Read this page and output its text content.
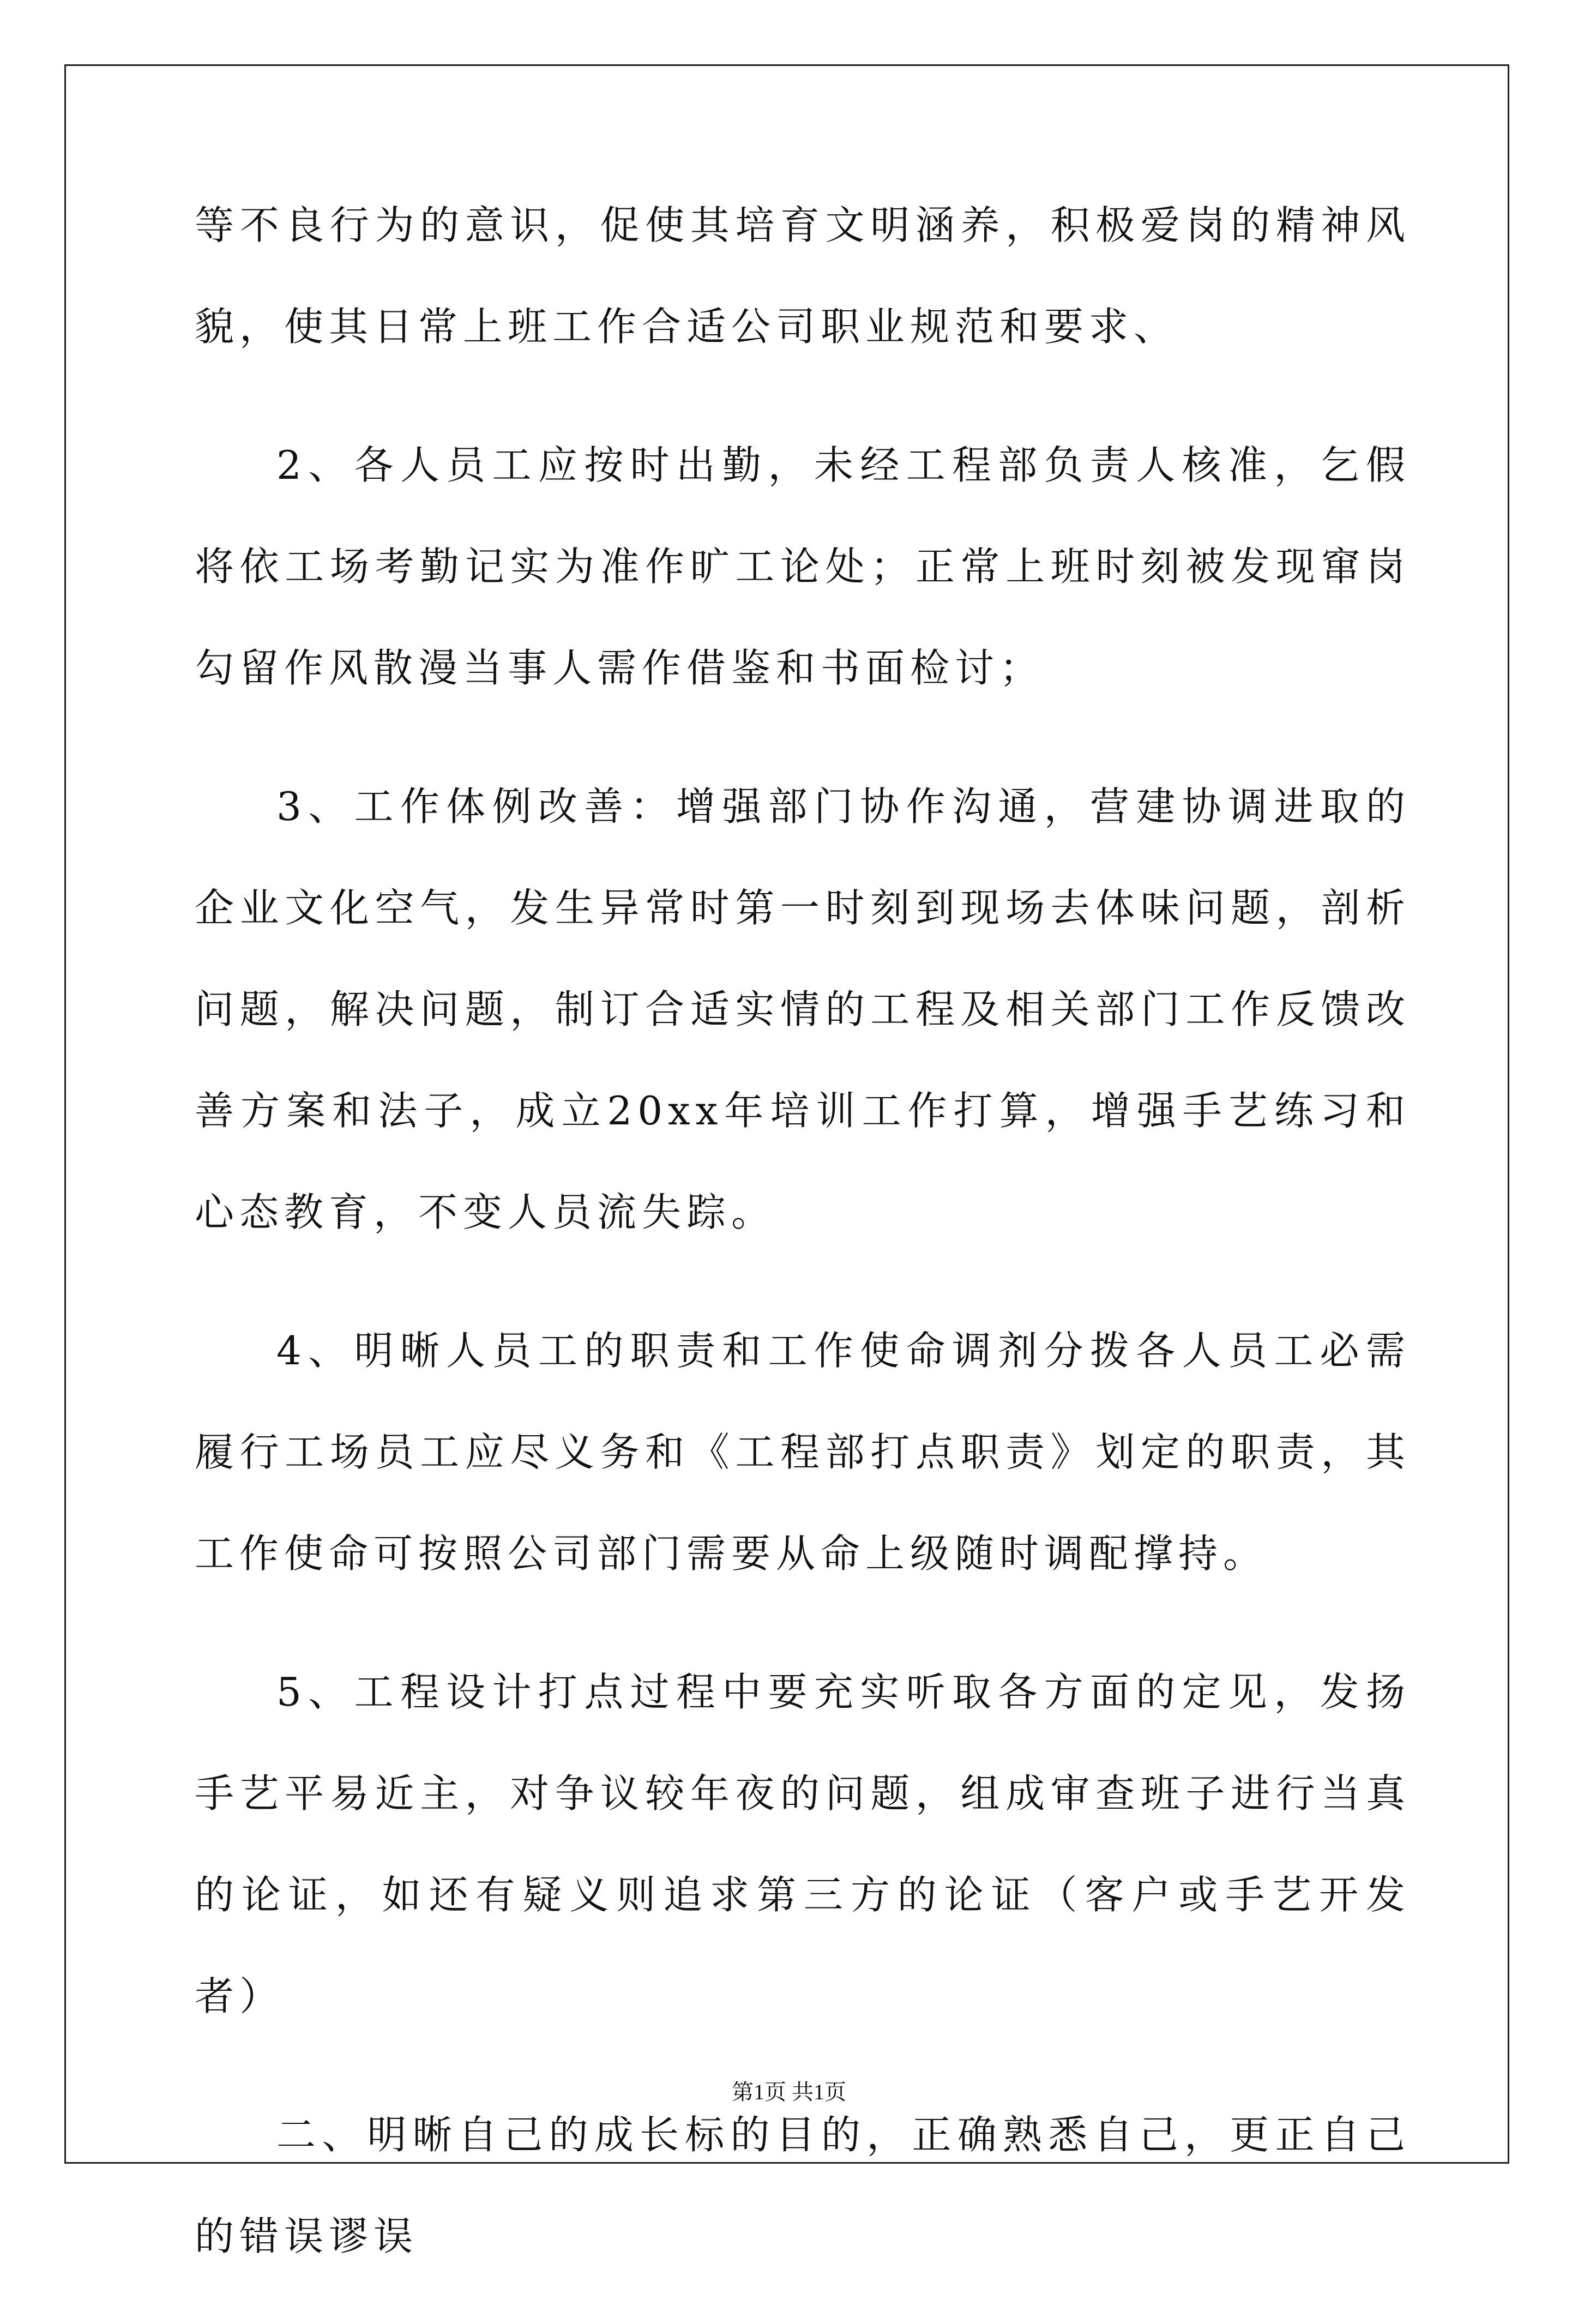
等不良行为的意识，促使其培育文明涵养，积极爱岗的精神风貌，使其日常上班工作合适公司职业规范和要求、

2、各人员工应按时出勤，未经工程部负责人核准，乞假将依工场考勤记实为准作旷工论处；正常上班时刻被发现窜岗勾留作风散漫当事人需作借鉴和书面检讨；

3、工作体例改善：增强部门协作沟通，营建协调进取的企业文化空气，发生异常时第一时刻到现场去体味问题，剖析问题，解决问题，制订合适实情的工程及相关部门工作反馈改善方案和法子，成立20xx年培训工作打算，增强手艺练习和心态教育，不变人员流失踪。

4、明晰人员工的职责和工作使命调剂分拨各人员工必需履行工场员工应尽义务和《工程部打点职责》划定的职责，其工作使命可按照公司部门需要从命上级随时调配撑持。

5、工程设计打点过程中要充实听取各方面的定见，发扬手艺平易近主，对争议较年夜的问题，组成审查班子进行当真的论证，如还有疑义则追求第三方的论证（客户或手艺开发者）

二、明晰自己的成长标的目的，正确熟悉自己，更正自己的错误谬误

第1页 共1页
